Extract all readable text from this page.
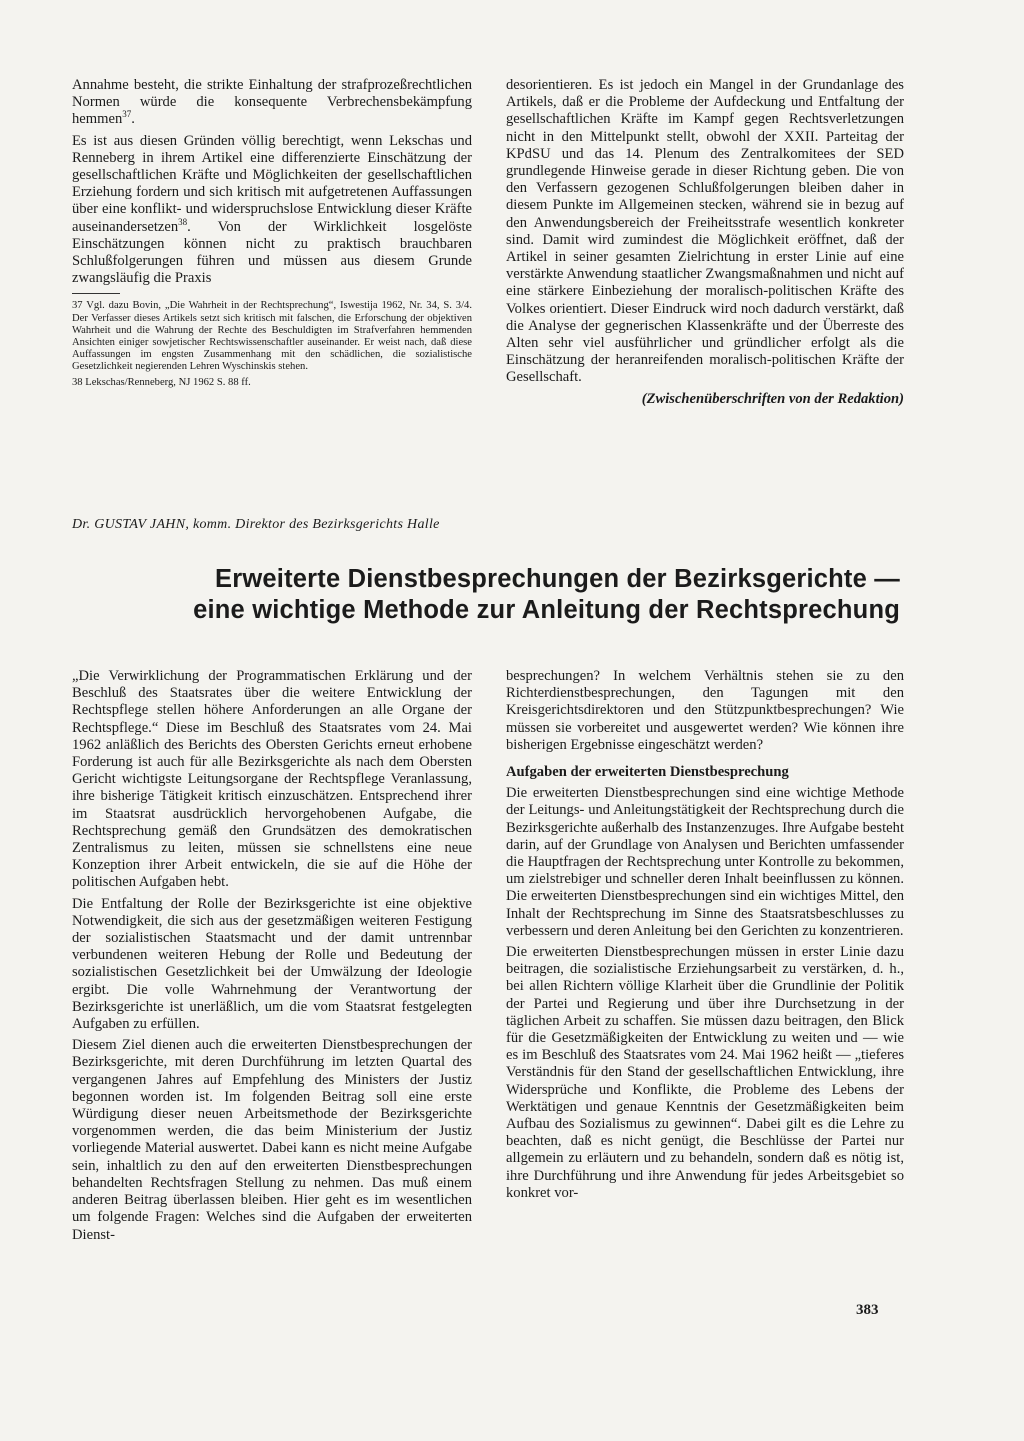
Annahme besteht, die strikte Einhaltung der strafprozeßrechtlichen Normen würde die konsequente Verbrechensbekämpfung hemmen$^{37}$.

Es ist aus diesen Gründen völlig berechtigt, wenn Lekschas und Renneberg in ihrem Artikel eine differenzierte Einschätzung der gesellschaftlichen Kräfte und Möglichkeiten der gesellschaftlichen Erziehung fordern und sich kritisch mit aufgetretenen Auffassungen über eine konflikt- und widerspruchslose Entwicklung dieser Kräfte auseinandersetzen$^{38}$. Von der Wirklichkeit losgelöste Einschätzungen können nicht zu praktisch brauchbaren Schlußfolgerungen führen und müssen aus diesem Grunde zwangsläufig die Praxis

37 Vgl. dazu Bovin, „Die Wahrheit in der Rechtsprechung“, Iswestija 1962, Nr. 34, S. 3/4. Der Verfasser dieses Artikels setzt sich kritisch mit falschen, die Erforschung der objektiven Wahrheit und die Wahrung der Rechte des Beschuldigten im Strafverfahren hemmenden Ansichten einiger sowjetischer Rechtswissenschaftler auseinander. Er weist nach, daß diese Auffassungen im engsten Zusammenhang mit den schädlichen, die sozialistische Gesetzlichkeit negierenden Lehren Wyschinskis stehen.

38 Lekschas/Renneberg, NJ 1962 S. 88 ff.

desorientieren. Es ist jedoch ein Mangel in der Grundanlage des Artikels, daß er die Probleme der Aufdeckung und Entfaltung der gesellschaftlichen Kräfte im Kampf gegen Rechtsverletzungen nicht in den Mittelpunkt stellt, obwohl der XXII. Parteitag der KPdSU und das 14. Plenum des Zentralkomitees der SED grundlegende Hinweise gerade in dieser Richtung geben. Die von den Verfassern gezogenen Schlußfolgerungen bleiben daher in diesem Punkte im Allgemeinen stecken, während sie in bezug auf den Anwendungsbereich der Freiheitsstrafe wesentlich konkreter sind. Damit wird zumindest die Möglichkeit eröffnet, daß der Artikel in seiner gesamten Zielrichtung in erster Linie auf eine verstärkte Anwendung staatlicher Zwangsmaßnahmen und nicht auf eine stärkere Einbeziehung der moralisch-politischen Kräfte des Volkes orientiert. Dieser Eindruck wird noch dadurch verstärkt, daß die Analyse der gegnerischen Klassenkräfte und der Überreste des Alten sehr viel ausführlicher und gründlicher erfolgt als die Einschätzung der heranreifenden moralisch-politischen Kräfte der Gesellschaft.

(Zwischenüberschriften von der Redaktion)
Dr. GUSTAV JAHN, komm. Direktor des Bezirksgerichts Halle
Erweiterte Dienstbesprechungen der Bezirksgerichte —
eine wichtige Methode zur Anleitung der Rechtsprechung

„Die Verwirklichung der Programmatischen Erklärung und der Beschluß des Staatsrates über die weitere Entwicklung der Rechtspflege stellen höhere Anforderungen an alle Organe der Rechtspflege.“ Diese im Beschluß des Staatsrates vom 24. Mai 1962 anläßlich des Berichts des Obersten Gerichts erneut erhobene Forderung ist auch für alle Bezirksgerichte als nach dem Obersten Gericht wichtigste Leitungsorgane der Rechtspflege Veranlassung, ihre bisherige Tätigkeit kritisch einzuschätzen. Entsprechend ihrer im Staatsrat ausdrücklich hervorgehobenen Aufgabe, die Rechtsprechung gemäß den Grundsätzen des demokratischen Zentralismus zu leiten, müssen sie schnellstens eine neue Konzeption ihrer Arbeit entwickeln, die sie auf die Höhe der politischen Aufgaben hebt.

Die Entfaltung der Rolle der Bezirksgerichte ist eine objektive Notwendigkeit, die sich aus der gesetzmäßigen weiteren Festigung der sozialistischen Staatsmacht und der damit untrennbar verbundenen weiteren Hebung der Rolle und Bedeutung der sozialistischen Gesetzlichkeit bei der Umwälzung der Ideologie ergibt. Die volle Wahrnehmung der Verantwortung der Bezirksgerichte ist unerläßlich, um die vom Staatsrat festgelegten Aufgaben zu erfüllen.

Diesem Ziel dienen auch die erweiterten Dienstbesprechungen der Bezirksgerichte, mit deren Durchführung im letzten Quartal des vergangenen Jahres auf Empfehlung des Ministers der Justiz begonnen worden ist. Im folgenden Beitrag soll eine erste Würdigung dieser neuen Arbeitsmethode der Bezirksgerichte vorgenommen werden, die das beim Ministerium der Justiz vorliegende Material auswertet. Dabei kann es nicht meine Aufgabe sein, inhaltlich zu den auf den erweiterten Dienstbesprechungen behandelten Rechtsfragen Stellung zu nehmen. Das muß einem anderen Beitrag überlassen bleiben. Hier geht es im wesentlichen um folgende Fragen: Welches sind die Aufgaben der erweiterten Dienst-

besprechungen? In welchem Verhältnis stehen sie zu den Richterdienstbesprechungen, den Tagungen mit den Kreisgerichtsdirektoren und den Stützpunktbesprechungen? Wie müssen sie vorbereitet und ausgewertet werden? Wie können ihre bisherigen Ergebnisse eingeschätzt werden?

Aufgaben der erweiterten Dienstbesprechung

Die erweiterten Dienstbesprechungen sind eine wichtige Methode der Leitungs- und Anleitungstätigkeit der Rechtsprechung durch die Bezirksgerichte außerhalb des Instanzenzuges. Ihre Aufgabe besteht darin, auf der Grundlage von Analysen und Berichten umfassender die Hauptfragen der Rechtsprechung unter Kontrolle zu bekommen, um zielstrebiger und schneller deren Inhalt beeinflussen zu können. Die erweiterten Dienstbesprechungen sind ein wichtiges Mittel, den Inhalt der Rechtsprechung im Sinne des Staatsratsbeschlusses zu verbessern und deren Anleitung bei den Gerichten zu konzentrieren.

Die erweiterten Dienstbesprechungen müssen in erster Linie dazu beitragen, die sozialistische Erziehungsarbeit zu verstärken, d. h., bei allen Richtern völlige Klarheit über die Grundlinie der Politik der Partei und Regierung und über ihre Durchsetzung in der täglichen Arbeit zu schaffen. Sie müssen dazu beitragen, den Blick für die Gesetzmäßigkeiten der Entwicklung zu weiten und — wie es im Beschluß des Staatsrates vom 24. Mai 1962 heißt — „tieferes Verständnis für den Stand der gesellschaftlichen Entwicklung, ihre Widersprüche und Konflikte, die Probleme des Lebens der Werktätigen und genaue Kenntnis der Gesetzmäßigkeiten beim Aufbau des Sozialismus zu gewinnen“. Dabei gilt es die Lehre zu beachten, daß es nicht genügt, die Beschlüsse der Partei nur allgemein zu erläutern und zu behandeln, sondern daß es nötig ist, ihre Durchführung und ihre Anwendung für jedes Arbeitsgebiet so konkret vor-

383
